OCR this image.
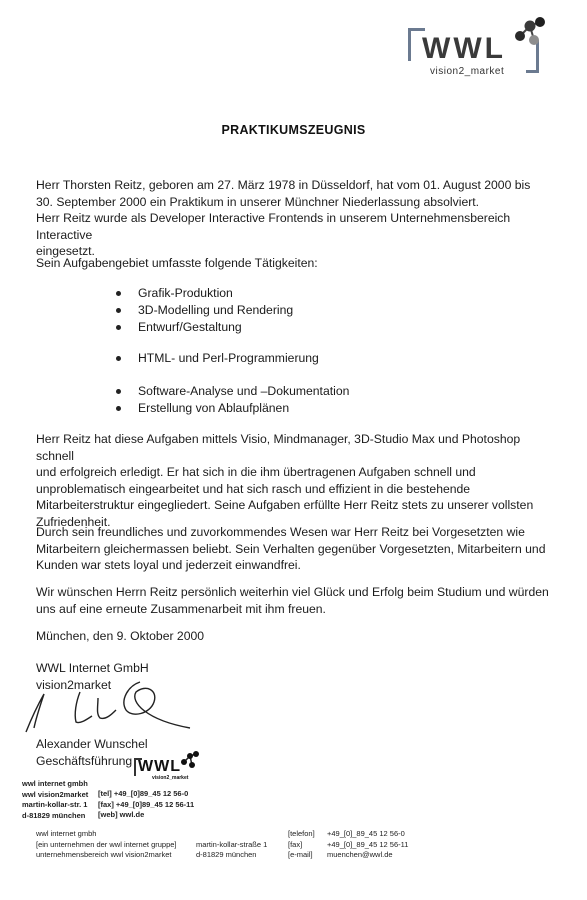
WWL
vision2_market
PRAKTIKUMSZEUGNIS
Herr Thorsten Reitz, geboren am 27. März 1978 in Düsseldorf, hat vom 01. August 2000 bis
30. September 2000 ein Praktikum in unserer Münchner Niederlassung absolviert.
Herr Reitz wurde als Developer Interactive Frontends in unserem Unternehmensbereich Interactive
eingesetzt.
Sein Aufgabengebiet umfasste folgende Tätigkeiten:
Grafik-Produktion
3D-Modelling und Rendering
Entwurf/Gestaltung
HTML- und Perl-Programmierung
Software-Analyse und –Dokumentation
Erstellung von Ablaufplänen
Herr Reitz hat diese Aufgaben mittels Visio, Mindmanager, 3D-Studio Max und Photoshop schnell
und erfolgreich erledigt. Er hat sich in die ihm übertragenen Aufgaben schnell und
unproblematisch eingearbeitet und hat sich rasch und effizient in die bestehende
Mitarbeiterstruktur eingegliedert. Seine Aufgaben erfüllte Herr Reitz stets zu unserer vollsten
Zufriedenheit.
Durch sein freundliches und zuvorkommendes Wesen war Herr Reitz bei Vorgesetzten wie
Mitarbeitern gleichermassen beliebt. Sein Verhalten gegenüber Vorgesetzten, Mitarbeitern und
Kunden war stets loyal und jederzeit einwandfrei.
Wir wünschen Herrn Reitz persönlich weiterhin viel Glück und Erfolg beim Studium und würden
uns auf eine erneute Zusammenarbeit mit ihm freuen.
München, den 9. Oktober 2000
WWL Internet GmbH
vision2market
Alexander Wunschel
Geschäftsführung WWL
vision2_market
wwl internet gmbh
wwl vision2market
martin-kollar-str. 1
d-81829 münchen
[tel] +49_[0]89_45 12 56-0
[fax] +49_[0]89_45 12 56-11
[web] wwl.de
wwl internet gmbh
[ein unternehmen der wwl internet gruppe]
unternehmensbereich wwl vision2market

martin-kollar-straße 1
d-81829 münchen
[telefon]
[fax]
[e-mail]
+49_[0]_89_45 12 56-0
+49_[0]_89_45 12 56-11
muenchen@wwl.de
